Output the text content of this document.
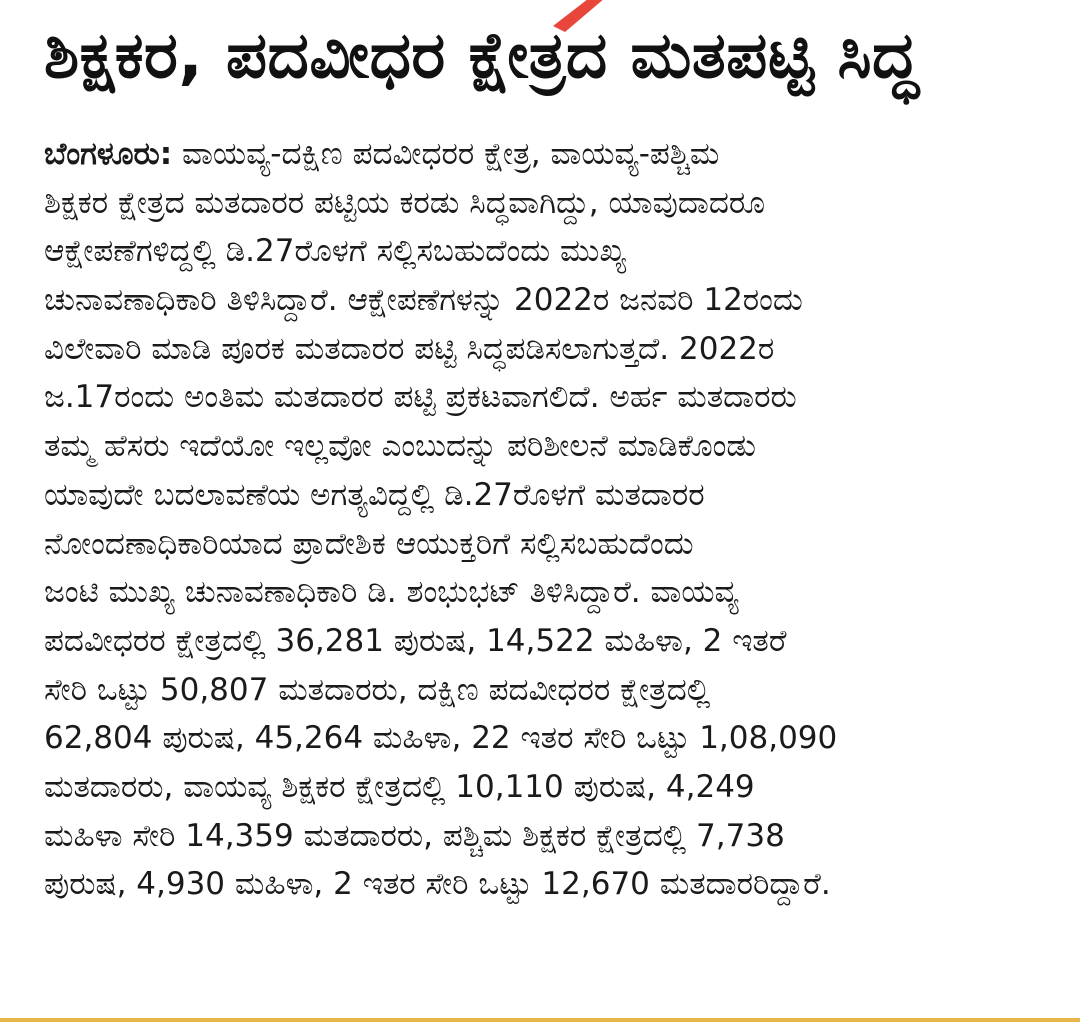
ಶಿಕ್ಷಕರ, ಪದವೀಧರ ಕ್ಷೇತ್ರದ ಮತಪಟ್ಟಿ ಸಿದ್ಧ
ಬೆಂಗಳೂರು: ವಾಯವ್ಯ-ದಕ್ಷಿಣ ಪದವೀಧರರ ಕ್ಷೇತ್ರ, ವಾಯವ್ಯ-ಪಶ್ಚಿಮ
ಶಿಕ್ಷಕರ ಕ್ಷೇತ್ರದ ಮತದಾರರ ಪಟ್ಟಿಯ ಕರಡು ಸಿದ್ಧವಾಗಿದ್ದು, ಯಾವುದಾದರೂ
ಆಕ್ಷೇಪಣೆಗಳಿದ್ದಲ್ಲಿ ಡಿ.27ರೊಳಗೆ ಸಲ್ಲಿಸಬಹುದೆಂದು ಮುಖ್ಯ
ಚುನಾವಣಾಧಿಕಾರಿ ತಿಳಿಸಿದ್ದಾರೆ. ಆಕ್ಷೇಪಣೆಗಳನ್ನು 2022ರ ಜನವರಿ 12ರಂದು
ವಿಲೇವಾರಿ ಮಾಡಿ ಪೂರಕ ಮತದಾರರ ಪಟ್ಟಿ ಸಿದ್ಧಪಡಿಸಲಾಗುತ್ತದೆ. 2022ರ
ಜ.17ರಂದು ಅಂತಿಮ ಮತದಾರರ ಪಟ್ಟಿ ಪ್ರಕಟವಾಗಲಿದೆ. ಅರ್ಹ ಮತದಾರರು
ತಮ್ಮ ಹೆಸರು ಇದೆಯೋ ಇಲ್ಲವೋ ಎಂಬುದನ್ನು ಪರಿಶೀಲನೆ ಮಾಡಿಕೊಂಡು
ಯಾವುದೇ ಬದಲಾವಣೆಯ ಅಗತ್ಯವಿದ್ದಲ್ಲಿ ಡಿ.27ರೊಳಗೆ ಮತದಾರರ
ನೋಂದಣಾಧಿಕಾರಿಯಾದ ಪ್ರಾದೇಶಿಕ ಆಯುಕ್ತರಿಗೆ ಸಲ್ಲಿಸಬಹುದೆಂದು
ಜಂಟಿ ಮುಖ್ಯ ಚುನಾವಣಾಧಿಕಾರಿ ಡಿ. ಶಂಭುಭಟ್ ತಿಳಿಸಿದ್ದಾರೆ. ವಾಯವ್ಯ
ಪದವೀಧರರ ಕ್ಷೇತ್ರದಲ್ಲಿ 36,281 ಪುರುಷ, 14,522 ಮಹಿಳಾ, 2 ಇತರೆ
ಸೇರಿ ಒಟ್ಟು 50,807 ಮತದಾರರು, ದಕ್ಷಿಣ ಪದವೀಧರರ ಕ್ಷೇತ್ರದಲ್ಲಿ
62,804 ಪುರುಷ, 45,264 ಮಹಿಳಾ, 22 ಇತರ ಸೇರಿ ಒಟ್ಟು 1,08,090
ಮತದಾರರು, ವಾಯವ್ಯ ಶಿಕ್ಷಕರ ಕ್ಷೇತ್ರದಲ್ಲಿ 10,110 ಪುರುಷ, 4,249
ಮಹಿಳಾ ಸೇರಿ 14,359 ಮತದಾರರು, ಪಶ್ಚಿಮ ಶಿಕ್ಷಕರ ಕ್ಷೇತ್ರದಲ್ಲಿ 7,738
ಪುರುಷ, 4,930 ಮಹಿಳಾ, 2 ಇತರ ಸೇರಿ ಒಟ್ಟು 12,670 ಮತದಾರರಿದ್ದಾರೆ.
